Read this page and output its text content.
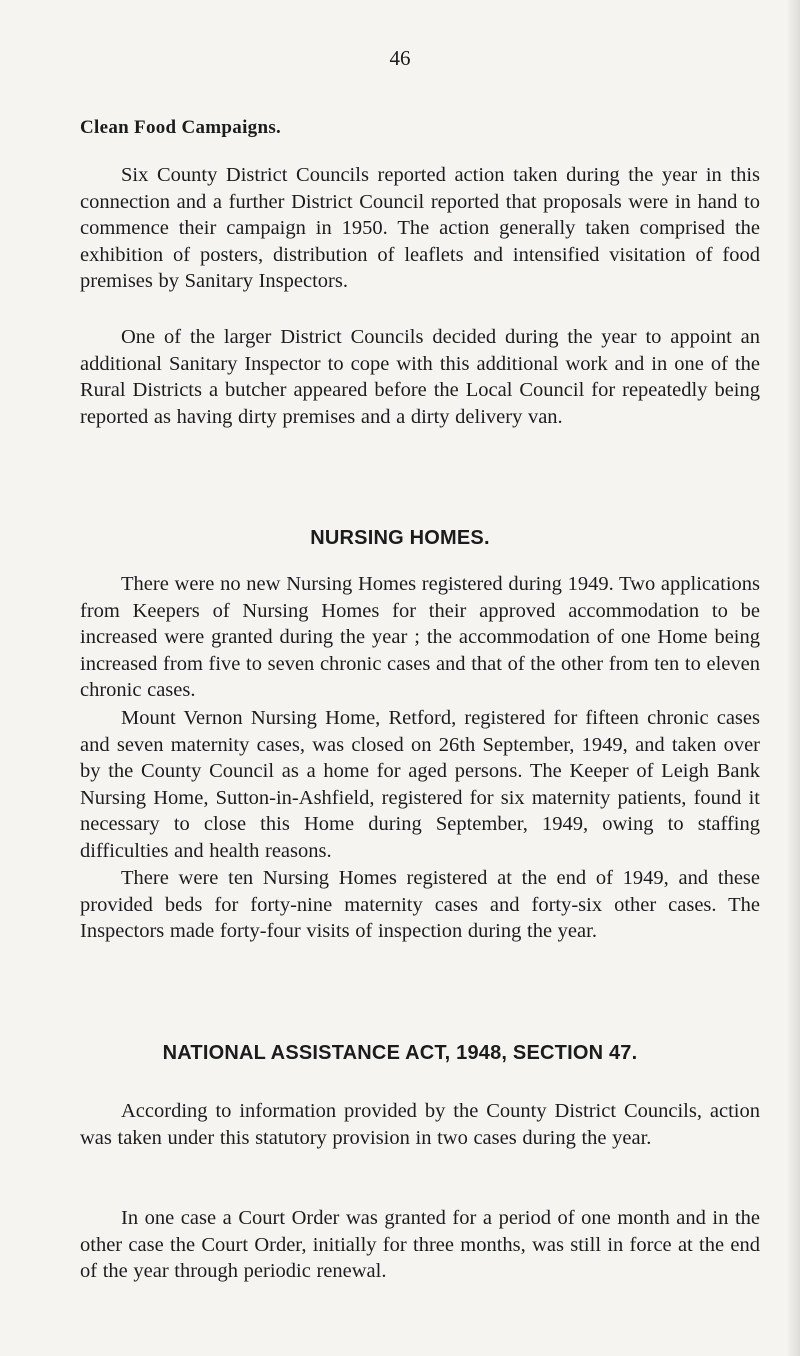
46
Clean Food Campaigns.

Six County District Councils reported action taken during the year in this connection and a further District Council reported that proposals were in hand to commence their campaign in 1950. The action generally taken comprised the exhibition of posters, distribution of leaflets and intensified visitation of food premises by Sanitary Inspectors.

One of the larger District Councils decided during the year to appoint an additional Sanitary Inspector to cope with this additional work and in one of the Rural Districts a butcher appeared before the Local Council for repeatedly being reported as having dirty premises and a dirty delivery van.

NURSING HOMES.

There were no new Nursing Homes registered during 1949. Two applications from Keepers of Nursing Homes for their approved accommodation to be increased were granted during the year ; the accommodation of one Home being increased from five to seven chronic cases and that of the other from ten to eleven chronic cases.

Mount Vernon Nursing Home, Retford, registered for fifteen chronic cases and seven maternity cases, was closed on 26th September, 1949, and taken over by the County Council as a home for aged persons. The Keeper of Leigh Bank Nursing Home, Sutton-in-Ashfield, registered for six maternity patients, found it necessary to close this Home during September, 1949, owing to staffing difficulties and health reasons.

There were ten Nursing Homes registered at the end of 1949, and these provided beds for forty-nine maternity cases and forty-six other cases. The Inspectors made forty-four visits of inspection during the year.

NATIONAL ASSISTANCE ACT, 1948, SECTION 47.

According to information provided by the County District Councils, action was taken under this statutory provision in two cases during the year.

In one case a Court Order was granted for a period of one month and in the other case the Court Order, initially for three months, was still in force at the end of the year through periodic renewal.
